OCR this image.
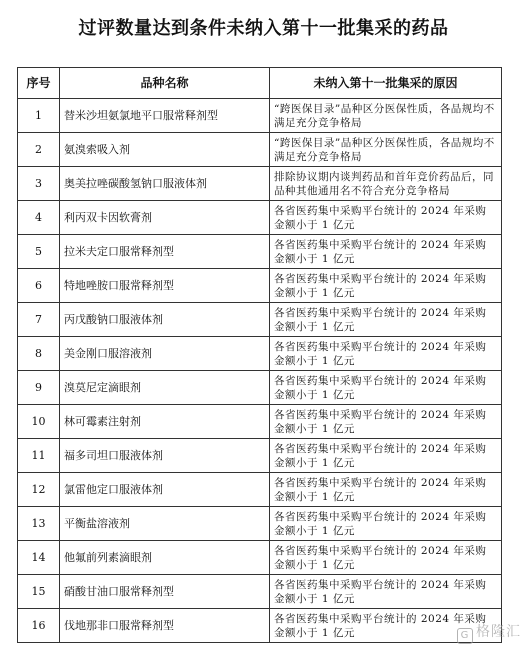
过评数量达到条件未纳入第十一批集采的药品
序号	品种名称	未纳入第十一批集采的原因
1	替米沙坦氨氯地平口服常释剂型	“跨医保目录”品种区分医保性质，各品规均不满足充分竞争格局
2	氨溴索吸入剂	“跨医保目录”品种区分医保性质，各品规均不满足充分竞争格局
3	奥美拉唑碳酸氢钠口服液体剂	排除协议期内谈判药品和首年竞价药品后，同品种其他通用名不符合充分竞争格局
4	利丙双卡因软膏剂	各省医药集中采购平台统计的 2024 年采购金额小于 1 亿元
5	拉米夫定口服常释剂型	各省医药集中采购平台统计的 2024 年采购金额小于 1 亿元
6	特地唑胺口服常释剂型	各省医药集中采购平台统计的 2024 年采购金额小于 1 亿元
7	丙戊酸钠口服液体剂	各省医药集中采购平台统计的 2024 年采购金额小于 1 亿元
8	美金刚口服溶液剂	各省医药集中采购平台统计的 2024 年采购金额小于 1 亿元
9	溴莫尼定滴眼剂	各省医药集中采购平台统计的 2024 年采购金额小于 1 亿元
10	林可霉素注射剂	各省医药集中采购平台统计的 2024 年采购金额小于 1 亿元
11	福多司坦口服液体剂	各省医药集中采购平台统计的 2024 年采购金额小于 1 亿元
12	氯雷他定口服液体剂	各省医药集中采购平台统计的 2024 年采购金额小于 1 亿元
13	平衡盐溶液剂	各省医药集中采购平台统计的 2024 年采购金额小于 1 亿元
14	他氟前列素滴眼剂	各省医药集中采购平台统计的 2024 年采购金额小于 1 亿元
15	硝酸甘油口服常释剂型	各省医药集中采购平台统计的 2024 年采购金额小于 1 亿元
16	伐地那非口服常释剂型	各省医药集中采购平台统计的 2024 年采购金额小于 1 亿元	G 格隆汇
